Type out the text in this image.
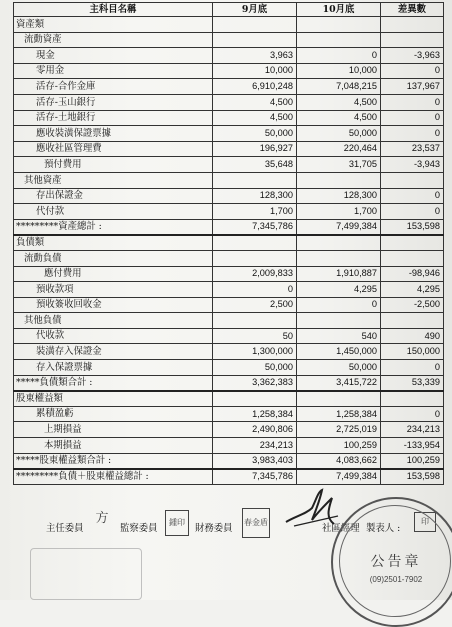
主科目名稱	9月底	10月底	差異數
資產類			
流動資產			
現金	3,963	0	-3,963
零用金	10,000	10,000	0
活存-合作金庫	6,910,248	7,048,215	137,967
活存-玉山銀行	4,500	4,500	0
活存-土地銀行	4,500	4,500	0
應收裝潢保證票據	50,000	50,000	0
應收社區管理費	196,927	220,464	23,537
預付費用	35,648	31,705	-3,943
其他資產			
存出保證金	128,300	128,300	0
代付款	1,700	1,700	0
*********資產總計 :	7,345,786	7,499,384	153,598
負債類			
流動負債			
應付費用	2,009,833	1,910,887	-98,946
預收款項	0	4,295	4,295
預收簽收回收金	2,500	0	-2,500
其他負債			
代收款	50	540	490
裝潢存入保證金	1,300,000	1,450,000	150,000
存入保證票據	50,000	50,000	0
*****負債類合計 :	3,362,383	3,415,722	53,339
股東權益類			
累積盈虧	1,258,384	1,258,384	0
上期損益	2,490,806	2,725,019	234,213
本期損益	234,213	100,259	-133,954
*****股東權益類合計 :	3,983,403	4,083,662	100,259
*********負債＋股東權益總計 :	7,345,786	7,499,384	153,598
主任委員
方
監察委員
鍾印
財務委員
春金盾
社區經理 製表人 :
印
公告章
(09)2501-7902
